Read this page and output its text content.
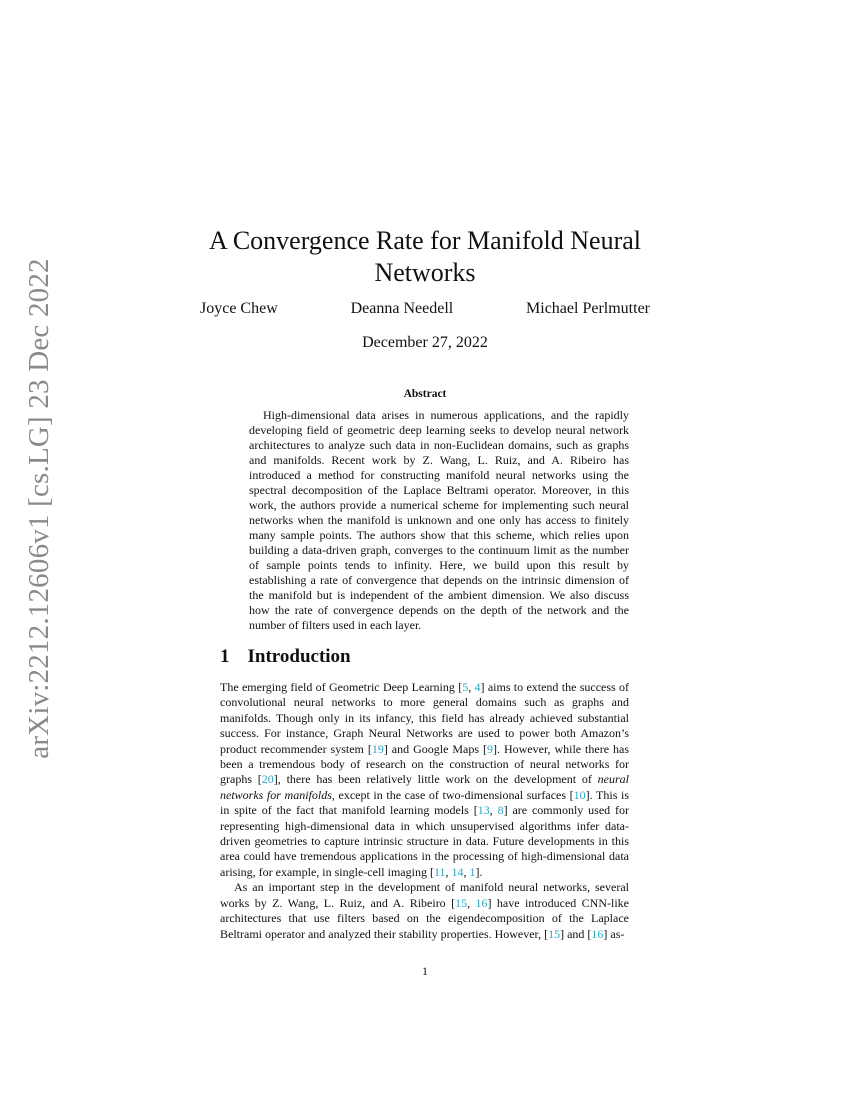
arXiv:2212.12606v1 [cs.LG] 23 Dec 2022
A Convergence Rate for Manifold Neural Networks
Joyce Chew	Deanna Needell	Michael Perlmutter
December 27, 2022
Abstract

High-dimensional data arises in numerous applications, and the rapidly developing field of geometric deep learning seeks to develop neural network architectures to analyze such data in non-Euclidean domains, such as graphs and manifolds. Recent work by Z. Wang, L. Ruiz, and A. Ribeiro has introduced a method for constructing manifold neural networks using the spectral decomposition of the Laplace Beltrami operator. Moreover, in this work, the authors provide a numerical scheme for implementing such neural networks when the manifold is unknown and one only has access to finitely many sample points. The authors show that this scheme, which relies upon building a data-driven graph, converges to the continuum limit as the number of sample points tends to infinity. Here, we build upon this result by establishing a rate of convergence that depends on the intrinsic dimension of the manifold but is independent of the ambient dimension. We also discuss how the rate of convergence depends on the depth of the network and the number of filters used in each layer.

1 Introduction

The emerging field of Geometric Deep Learning [5, 4] aims to extend the success of convolutional neural networks to more general domains such as graphs and manifolds. Though only in its infancy, this field has already achieved substantial success. For instance, Graph Neural Networks are used to power both Amazon’s product recommender system [19] and Google Maps [9]. However, while there has been a tremendous body of research on the construction of neural networks for graphs [20], there has been relatively little work on the development of neural networks for manifolds, except in the case of two-dimensional surfaces [10]. This is in spite of the fact that manifold learning models [13, 8] are commonly used for representing high-dimensional data in which unsupervised algorithms infer data-driven geometries to capture intrinsic structure in data. Future developments in this area could have tremendous applications in the processing of high-dimensional data arising, for example, in single-cell imaging [11, 14, 1].

As an important step in the development of manifold neural networks, several works by Z. Wang, L. Ruiz, and A. Ribeiro [15, 16] have introduced CNN-like architectures that use filters based on the eigendecomposition of the Laplace Beltrami operator and analyzed their stability properties. However, [15] and [16] as-

1
